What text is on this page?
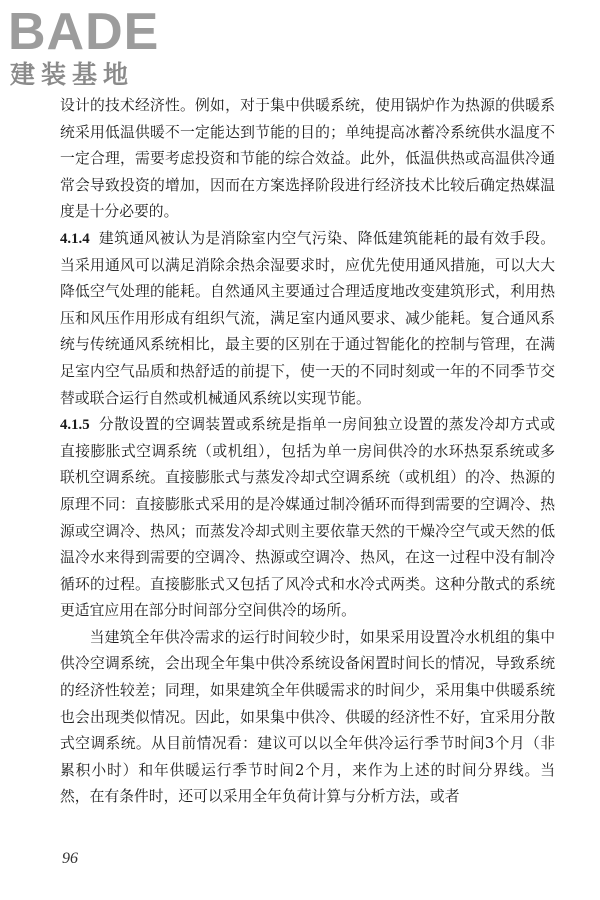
BADE
建装基地

设计的技术经济性。例如，对于集中供暖系统，使用锅炉作为热源的供暖系统采用低温供暖不一定能达到节能的目的；单纯提高冰蓄冷系统供水温度不一定合理，需要考虑投资和节能的综合效益。此外，低温供热或高温供冷通常会导致投资的增加，因而在方案选择阶段进行经济技术比较后确定热媒温度是十分必要的。

4.1.4 建筑通风被认为是消除室内空气污染、降低建筑能耗的最有效手段。当采用通风可以满足消除余热余湿要求时，应优先使用通风措施，可以大大降低空气处理的能耗。自然通风主要通过合理适度地改变建筑形式，利用热压和风压作用形成有组织气流，满足室内通风要求、减少能耗。复合通风系统与传统通风系统相比，最主要的区别在于通过智能化的控制与管理，在满足室内空气品质和热舒适的前提下，使一天的不同时刻或一年的不同季节交替或联合运行自然或机械通风系统以实现节能。

4.1.5 分散设置的空调装置或系统是指单一房间独立设置的蒸发冷却方式或直接膨胀式空调系统（或机组），包括为单一房间供冷的水环热泵系统或多联机空调系统。直接膨胀式与蒸发冷却式空调系统（或机组）的冷、热源的原理不同：直接膨胀式采用的是冷媒通过制冷循环而得到需要的空调冷、热源或空调冷、热风；而蒸发冷却式则主要依靠天然的干燥冷空气或天然的低温冷水来得到需要的空调冷、热源或空调冷、热风，在这一过程中没有制冷循环的过程。直接膨胀式又包括了风冷式和水冷式两类。这种分散式的系统更适宜应用在部分时间部分空间供冷的场所。

当建筑全年供冷需求的运行时间较少时，如果采用设置冷水机组的集中供冷空调系统，会出现全年集中供冷系统设备闲置时间长的情况，导致系统的经济性较差；同理，如果建筑全年供暖需求的时间少，采用集中供暖系统也会出现类似情况。因此，如果集中供冷、供暖的经济性不好，宜采用分散式空调系统。从目前情况看：建议可以以全年供冷运行季节时间3个月（非累积小时）和年供暖运行季节时间2个月，来作为上述的时间分界线。当然，在有条件时，还可以采用全年负荷计算与分析方法，或者

96
